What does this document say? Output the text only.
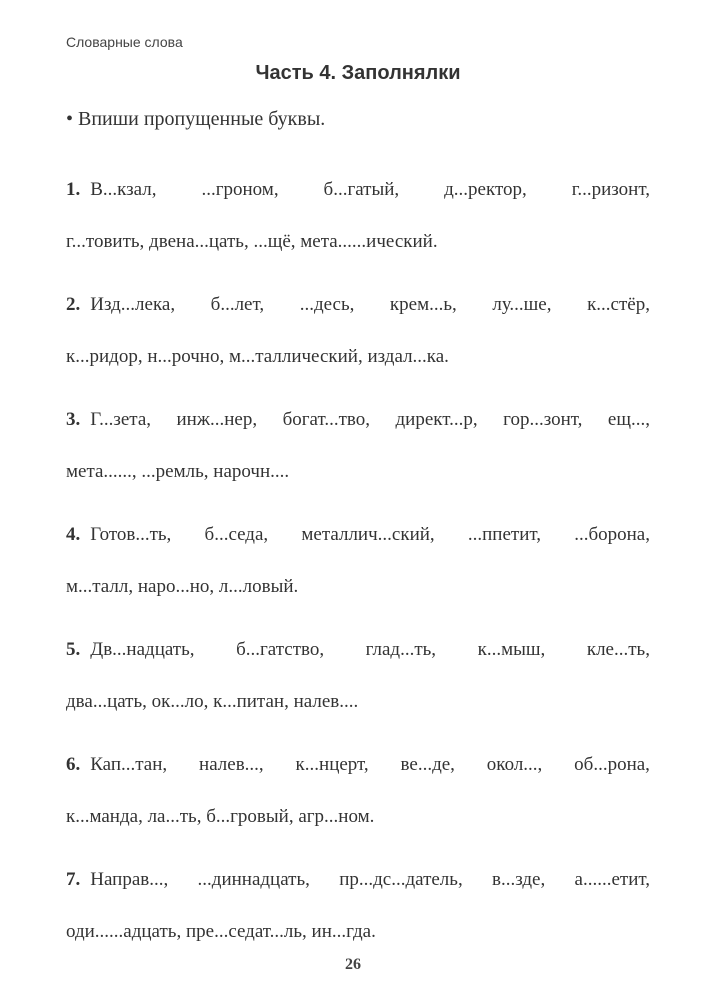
Словарные слова
Часть 4. Заполнялки
• Впиши пропущенные буквы.
1. В...кзал, ...гроном, б...гатый, д...ректор, г...ризонт,
г...товить, двена...цать, ...щё, мета......ический.
2. Изд...лека, б...лет, ...десь, крем...ь, лу...ше, к...стёр,
к...ридор, н...рочно, м...таллический, издал...ка.
3. Г...зета, инж...нер, богат...тво, директ...р, гор...зонт, ещ...,
мета......, ...ремль, нарочн....
4. Готов...ть, б...седа, металлич...ский, ...ппетит, ...борона,
м...талл, наро...но, л...ловый.
5. Дв...надцать, б...гатство, глад...ть, к...мыш, кле...ть,
два...цать, ок...ло, к...питан, налев....
6. Кап...тан, налев..., к...нцерт, ве...де, окол..., об...рона,
к...манда, ла...ть, б...гровый, агр...ном.
7. Направ..., ...диннадцать, пр...дс...датель, в...зде, а......етит,
оди......адцать, пре...седат...ль, ин...гда.
26
